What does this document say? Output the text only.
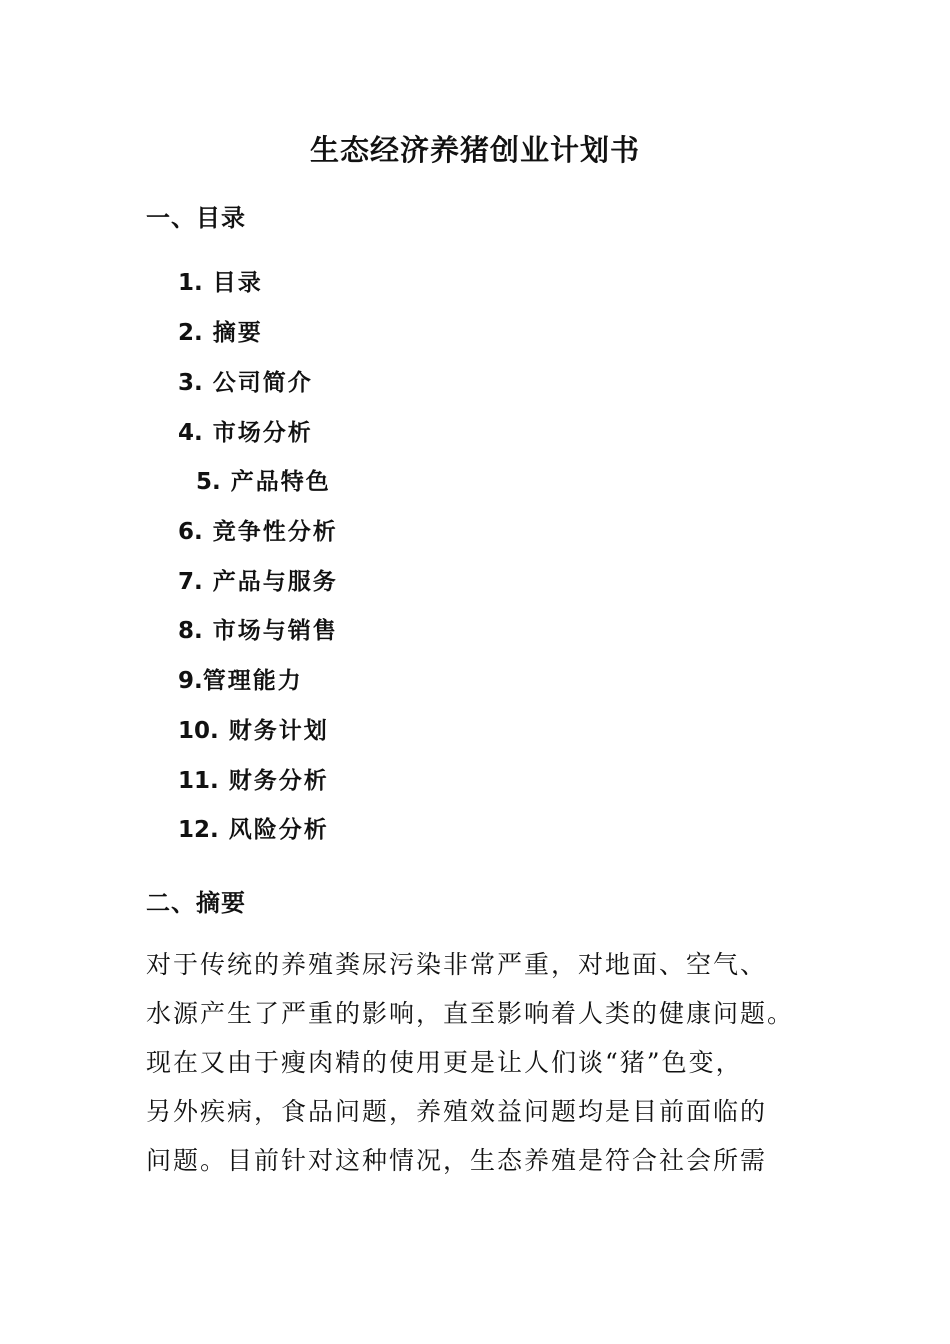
生态经济养猪创业计划书
一、目录
1. 目录
2. 摘要
3. 公司简介
4. 市场分析
5. 产品特色
6. 竞争性分析
7. 产品与服务
8. 市场与销售
9.管理能力
10. 财务计划
11. 财务分析
12. 风险分析
二、摘要
对于传统的养殖粪尿污染非常严重，对地面、空气、
水源产生了严重的影响，直至影响着人类的健康问题。
现在又由于瘦肉精的使用更是让人们谈“猪”色变，
另外疾病，食品问题，养殖效益问题均是目前面临的
问题。目前针对这种情况，生态养殖是符合社会所需
